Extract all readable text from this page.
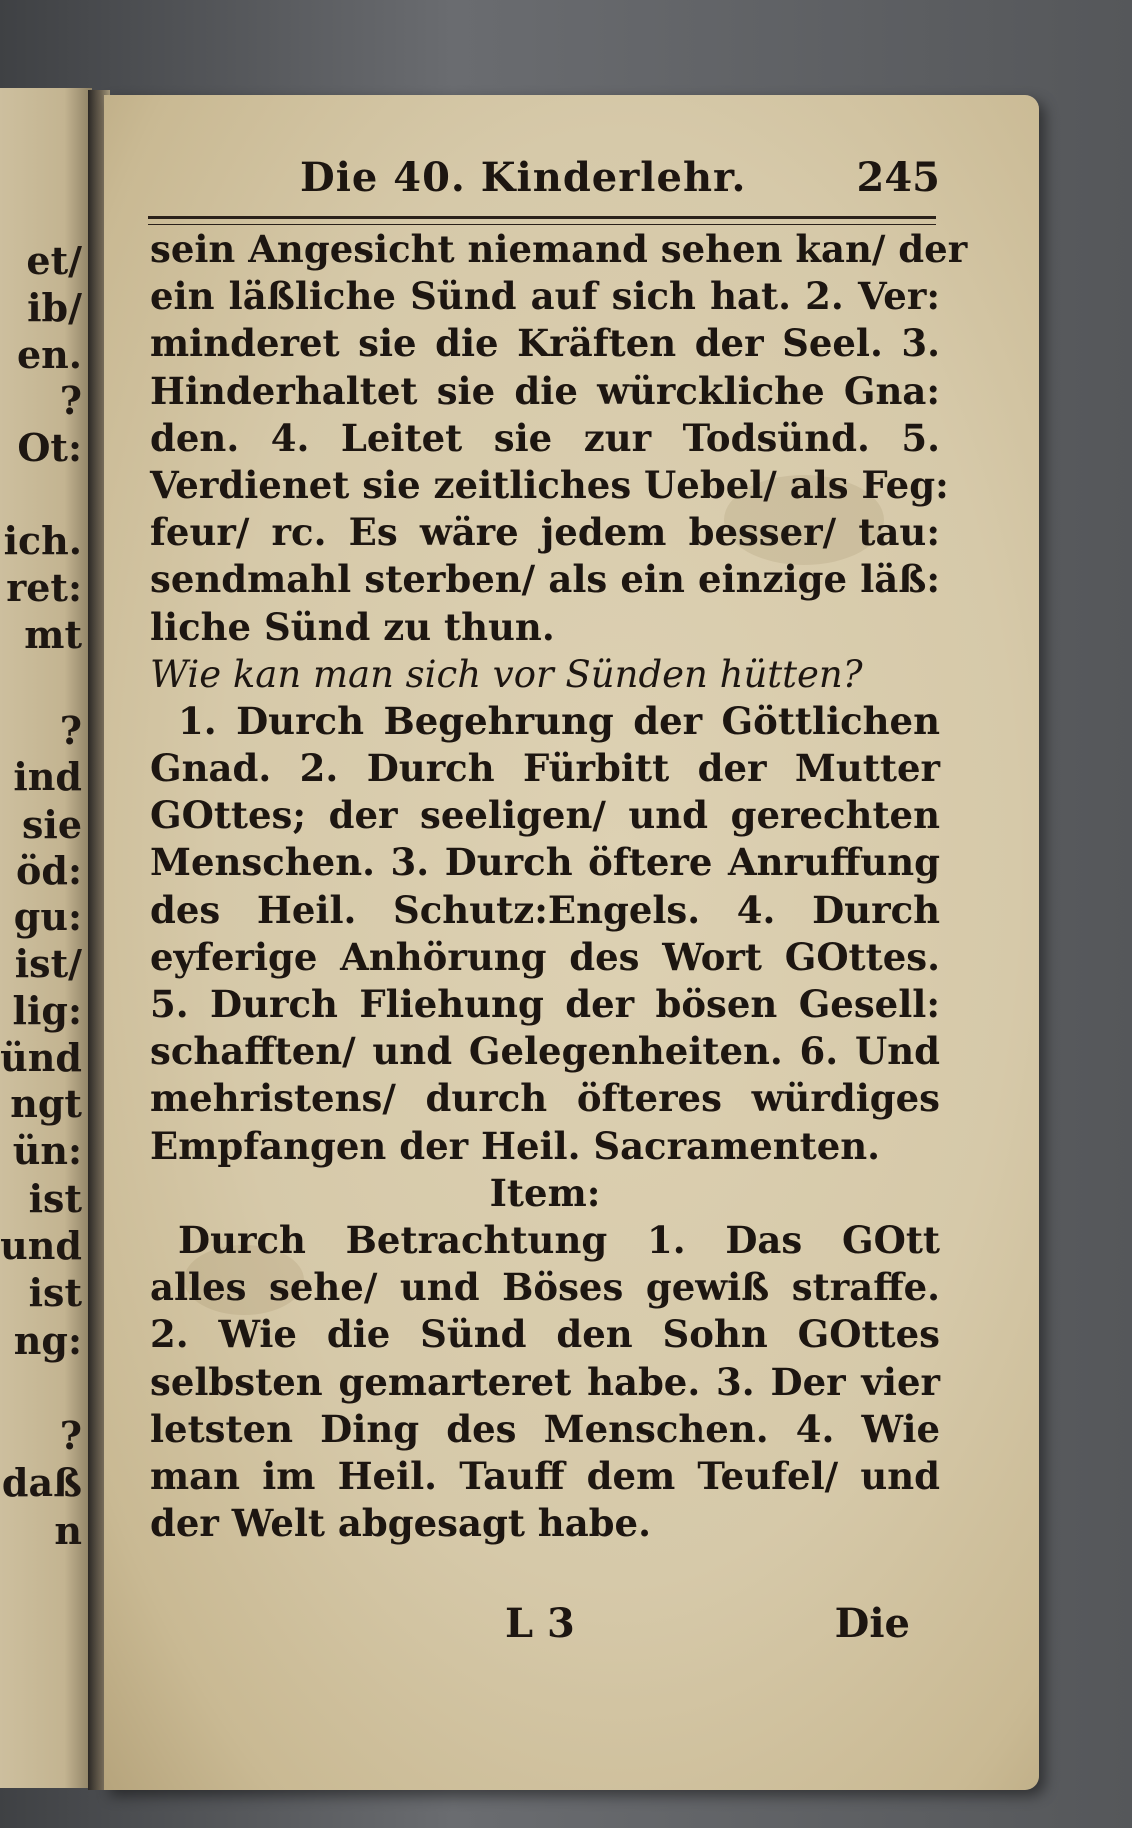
et/
ib/
en.
?
Ot:
ich.
ret:
mt
?
ind
sie
öd:
gu:
ist/
lig:
ünd
ngt
ün:
ist
und
ist
ng:
?
daß
n
Die 40. Kinderlehr.	245
sein Angesicht niemand sehen kan/ der
ein läßliche Sünd auf sich hat. 2. Ver:
minderet sie die Kräften der Seel. 3.
Hinderhaltet sie die würckliche Gna:
den. 4. Leitet sie zur Todsünd. 5.
Verdienet sie zeitliches Uebel/ als Feg:
feur/ rc. Es wäre jedem besser/ tau:
sendmahl sterben/ als ein einzige läß:
liche Sünd zu thun.
Wie kan man sich vor Sünden hütten?
1. Durch Begehrung der Göttlichen
Gnad. 2. Durch Fürbitt der Mutter
GOttes; der seeligen/ und gerechten
Menschen. 3. Durch öftere Anruffung
des Heil. Schutz:Engels. 4. Durch
eyferige Anhörung des Wort GOttes.
5. Durch Fliehung der bösen Gesell:
schafften/ und Gelegenheiten. 6. Und
mehristens/ durch öfteres würdiges
Empfangen der Heil. Sacramenten.
Item:
Durch Betrachtung 1. Das GOtt
alles sehe/ und Böses gewiß straffe.
2. Wie die Sünd den Sohn GOttes
selbsten gemarteret habe. 3. Der vier
letsten Ding des Menschen. 4. Wie
man im Heil. Tauff dem Teufel/ und
der Welt abgesagt habe.
L 3	Die
